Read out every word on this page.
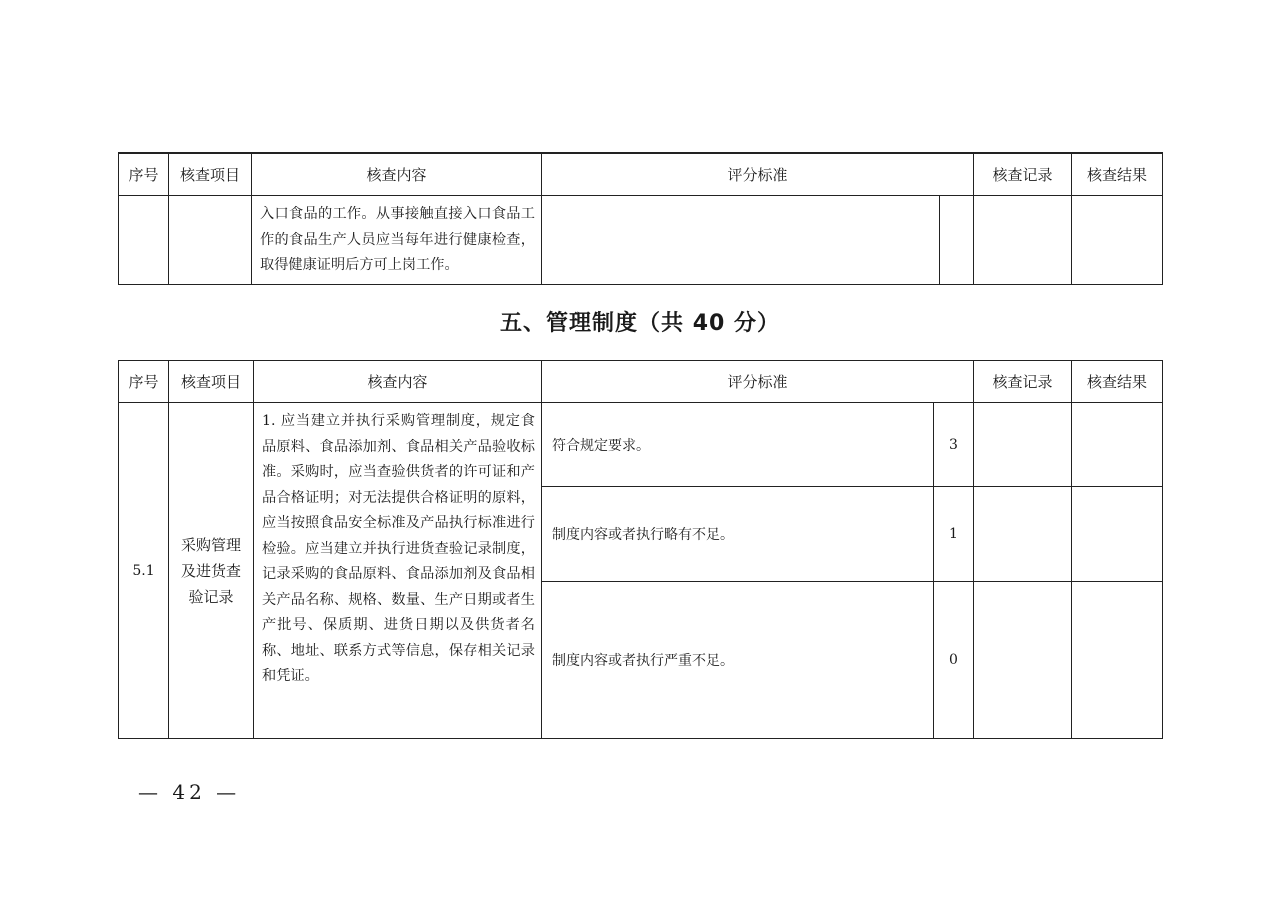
序号	核查项目	核查内容	评分标准		核查记录	核查结果
		入口食品的工作。从事接触直接入口食品工作的食品生产人员应当每年进行健康检查，取得健康证明后方可上岗工作。				
五、管理制度（共 40 分）
序号	核查项目	核查内容	评分标准		核查记录	核查结果
5.1	采购管理及进货查验记录	1. 应当建立并执行采购管理制度，规定食品原料、食品添加剂、食品相关产品验收标准。采购时，应当查验供货者的许可证和产品合格证明；对无法提供合格证明的原料，应当按照食品安全标准及产品执行标准进行检验。应当建立并执行进货查验记录制度，记录采购的食品原料、食品添加剂及食品相关产品名称、规格、数量、生产日期或者生产批号、保质期、进货日期以及供货者名称、地址、联系方式等信息，保存相关记录和凭证。	符合规定要求。	3		
			制度内容或者执行略有不足。	1		
			制度内容或者执行严重不足。	0		
— 42 —
